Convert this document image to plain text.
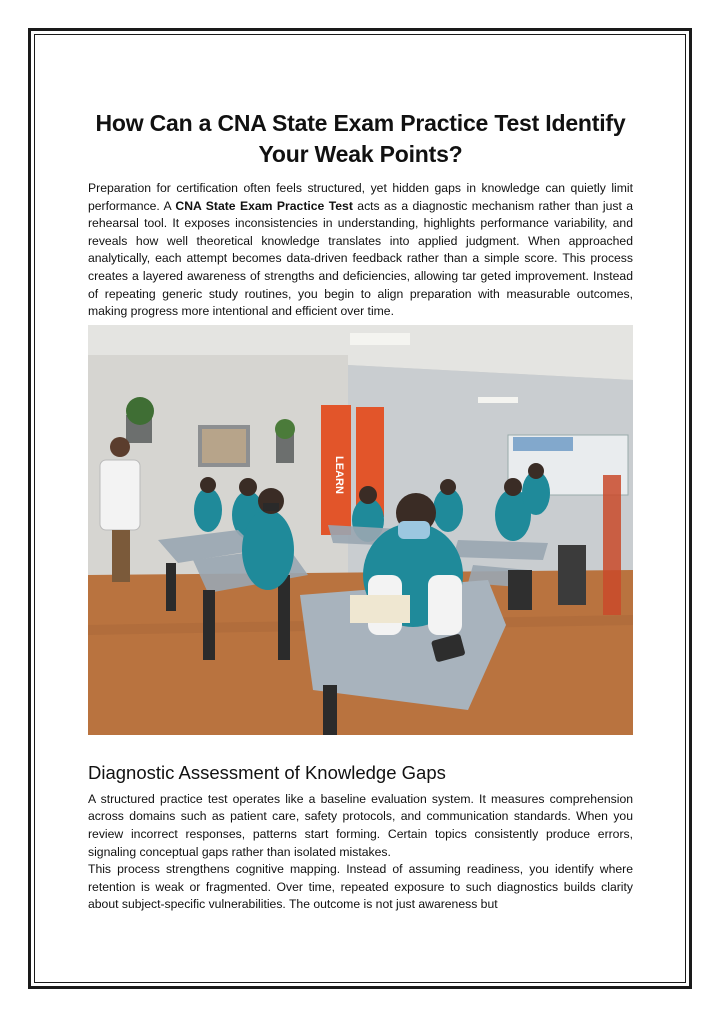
How Can a CNA State Exam Practice Test Identify Your Weak Points?

Preparation for certification often feels structured, yet hidden gaps in knowledge can quietly limit performance. A CNA State Exam Practice Test acts as a diagnostic mechanism rather than just a rehearsal tool. It exposes inconsistencies in understanding, highlights performance variability, and reveals how well theoretical knowledge translates into applied judgment. When approached analytically, each attempt becomes data-driven feedback rather than a simple score. This process creates a layered awareness of strengths and deficiencies, allowing tar geted improvement. Instead of repeating generic study routines, you begin to align preparation with measurable outcomes, making progress more intentional and efficient over time.

LEARN
Diagnostic Assessment of Knowledge Gaps

A structured practice test operates like a baseline evaluation system. It measures comprehension across domains such as patient care, safety protocols, and communication standards. When you review incorrect responses, patterns start forming. Certain topics consistently produce errors, signaling conceptual gaps rather than isolated mistakes.

This process strengthens cognitive mapping. Instead of assuming readiness, you identify where retention is weak or fragmented. Over time, repeated exposure to such diagnostics builds clarity about subject-specific vulnerabilities. The outcome is not just awareness but
